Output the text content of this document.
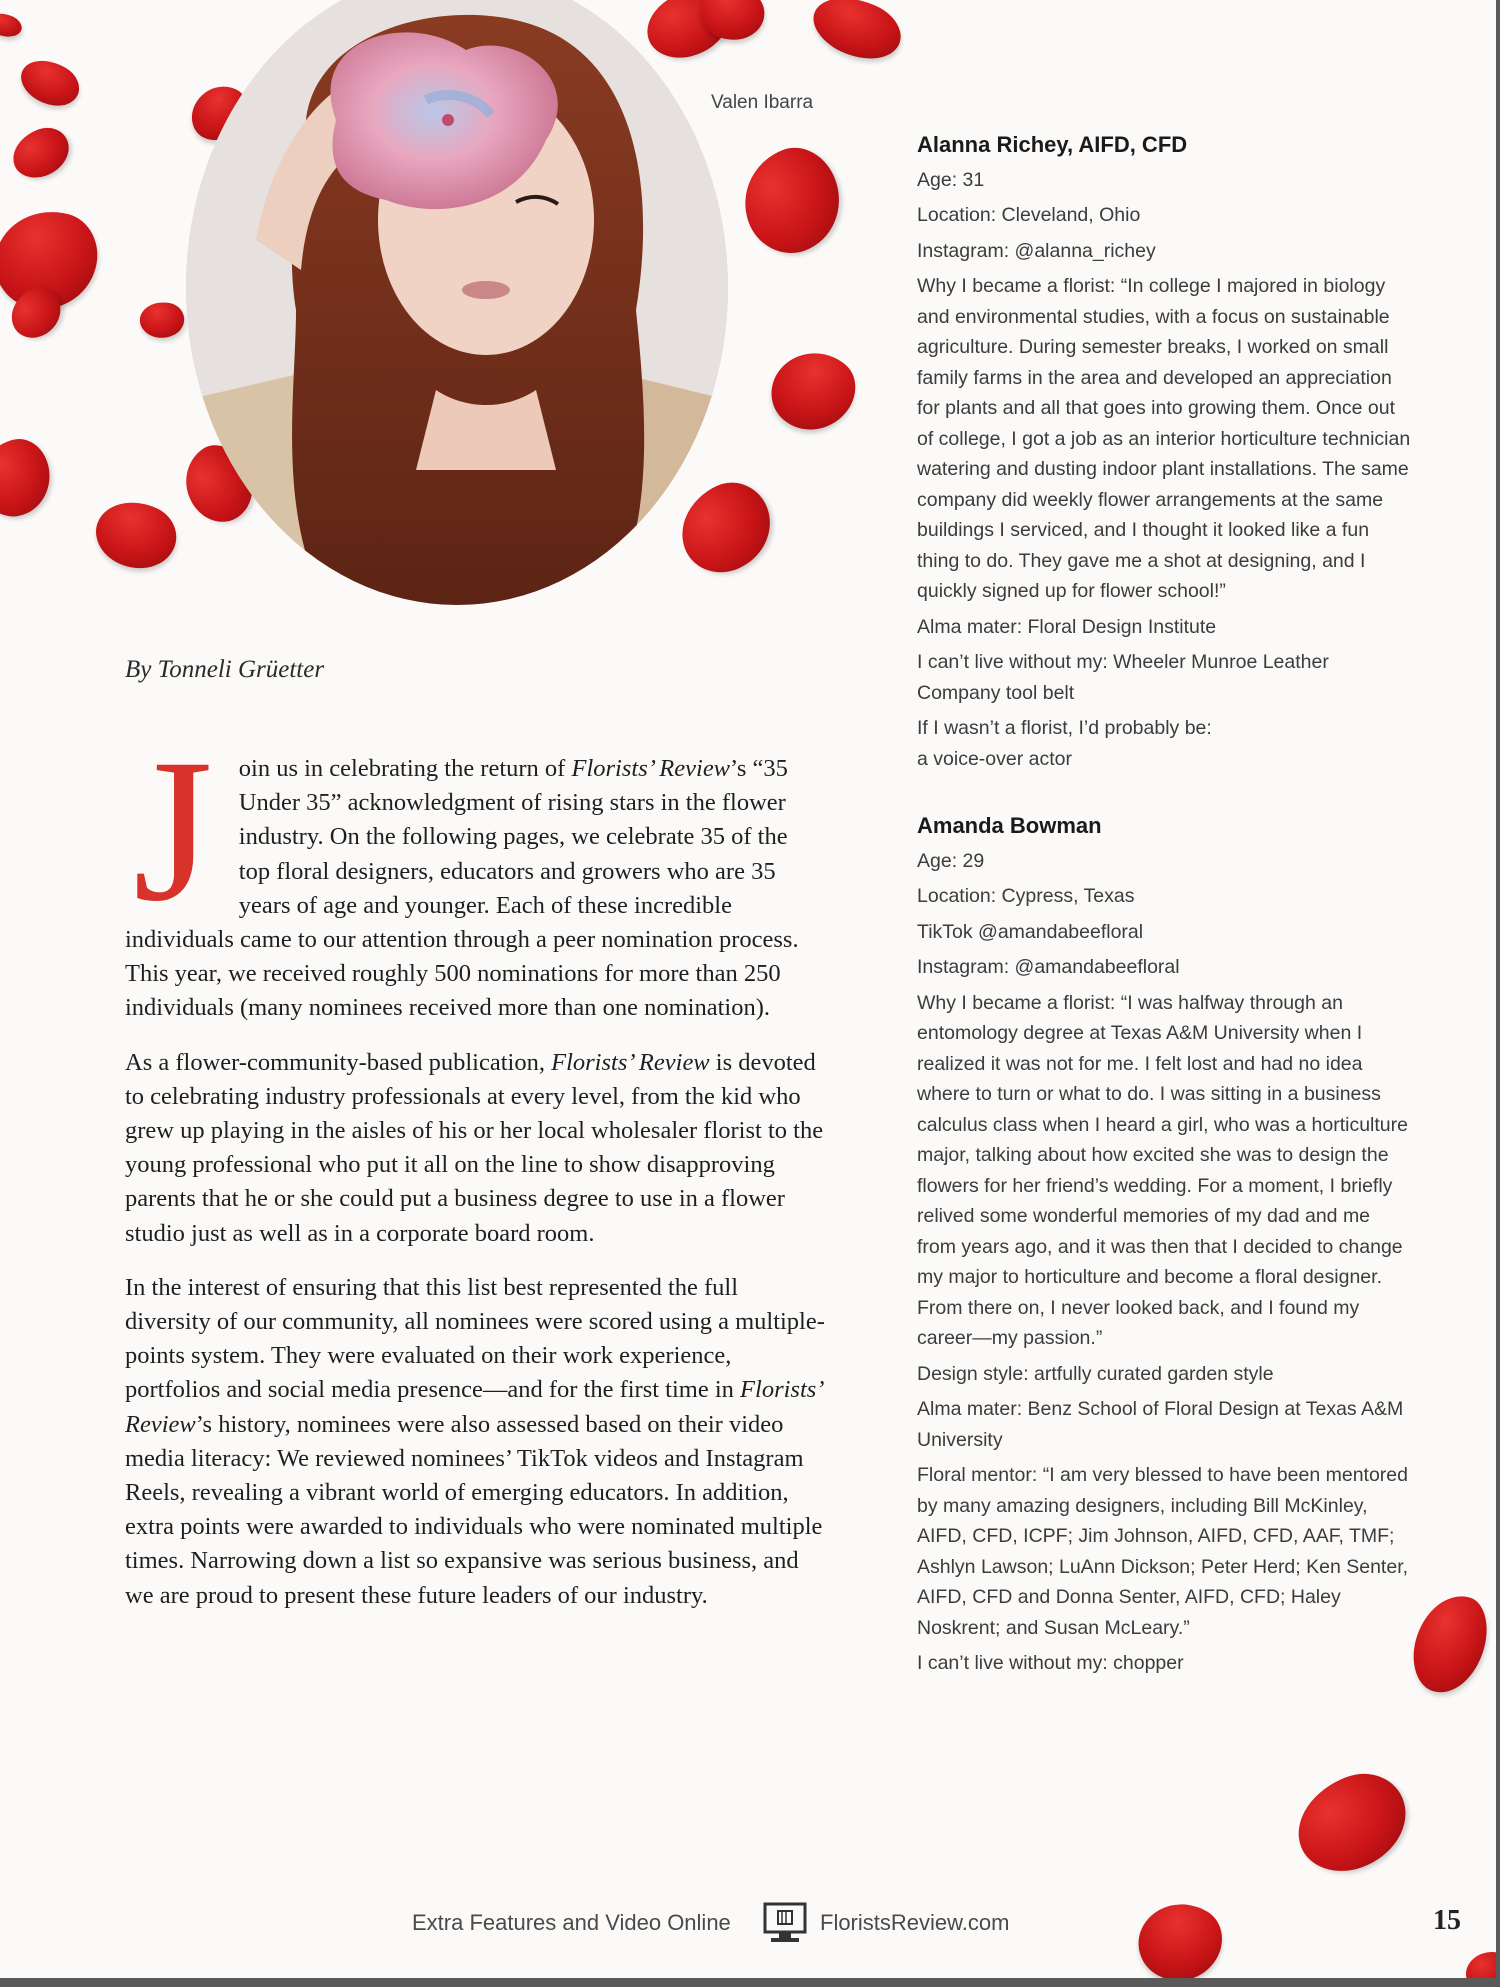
Valen Ibarra
By Tonneli Grüetter

J oin us in celebrating the return of Florists’ Review’s “35 Under 35” acknowledgment of rising stars in the flower industry. On the following pages, we celebrate 35 of the top floral designers, educators and growers who are 35 years of age and younger. Each of these incredible individuals came to our attention through a peer nomination process. This year, we received roughly 500 nominations for more than 250 individuals (many nominees received more than one nomination).

As a flower-community-based publication, Florists’ Review is devoted to celebrating industry professionals at every level, from the kid who grew up playing in the aisles of his or her local wholesaler florist to the young professional who put it all on the line to show disapproving parents that he or she could put a business degree to use in a flower studio just as well as in a corporate board room.

In the interest of ensuring that this list best represented the full diversity of our community, all nominees were scored using a multiple-points system. They were evaluated on their work experience, portfolios and social media presence—and for the first time in Florists’ Review’s history, nominees were also assessed based on their video media literacy: We reviewed nominees’ TikTok videos and Instagram Reels, revealing a vibrant world of emerging educators. In addition, extra points were awarded to individuals who were nominated multiple times. Narrowing down a list so expansive was serious business, and we are proud to present these future leaders of our industry.

Alanna Richey, AIFD, CFD
Age: 31
Location: Cleveland, Ohio
Instagram: @alanna_richey
Why I became a florist: “In college I majored in biology and environmental studies, with a focus on sustainable agriculture. During semester breaks, I worked on small family farms in the area and developed an appreciation for plants and all that goes into growing them. Once out of college, I got a job as an interior horticulture technician watering and dusting indoor plant installations. The same company did weekly flower arrangements at the same buildings I serviced, and I thought it looked like a fun thing to do. They gave me a shot at designing, and I quickly signed up for flower school!”
Alma mater: Floral Design Institute
I can’t live without my: Wheeler Munroe Leather Company tool belt
If I wasn’t a florist, I’d probably be:
a voice-over actor
Amanda Bowman
Age: 29
Location: Cypress, Texas
TikTok @amandabeefloral
Instagram: @amandabeefloral
Why I became a florist: “I was halfway through an entomology degree at Texas A&M University when I realized it was not for me. I felt lost and had no idea where to turn or what to do. I was sitting in a business calculus class when I heard a girl, who was a horticulture major, talking about how excited she was to design the flowers for her friend’s wedding. For a moment, I briefly relived some wonderful memories of my dad and me from years ago, and it was then that I decided to change my major to horticulture and become a floral designer. From there on, I never looked back, and I found my career—my passion.”
Design style: artfully curated garden style
Alma mater: Benz School of Floral Design at Texas A&M University
Floral mentor: “I am very blessed to have been mentored by many amazing designers, including Bill McKinley, AIFD, CFD, ICPF; Jim Johnson, AIFD, CFD, AAF, TMF; Ashlyn Lawson; LuAnn Dickson; Peter Herd; Ken Senter, AIFD, CFD and Donna Senter, AIFD, CFD; Haley Noskrent; and Susan McLeary.”
I can’t live without my: chopper
Extra Features and Video Online	FloristsReview.com	15
